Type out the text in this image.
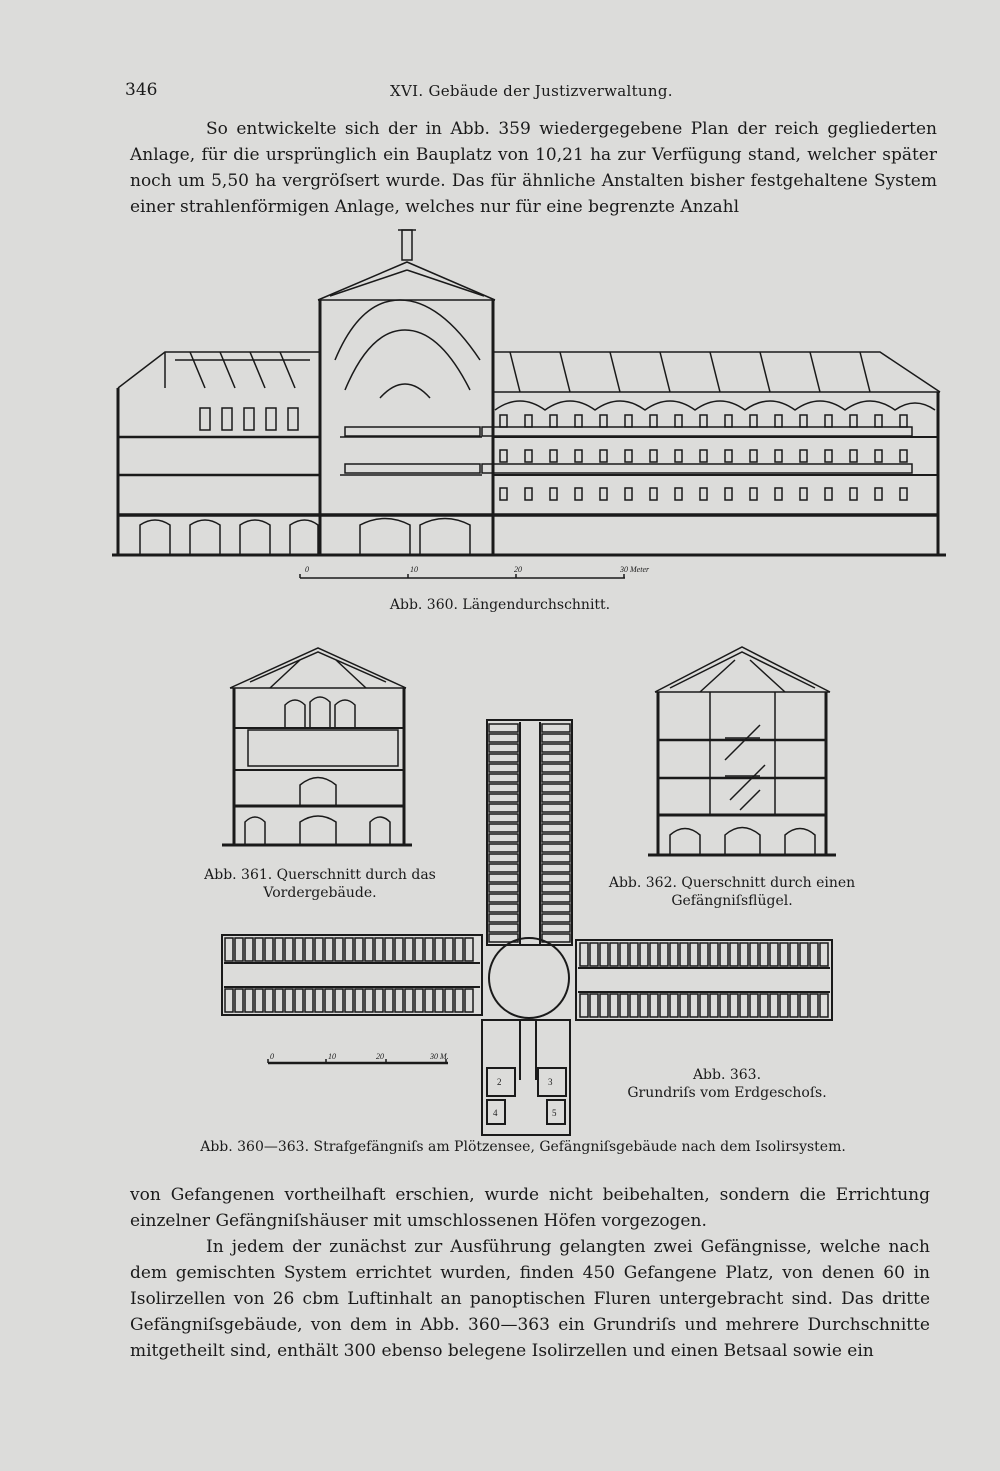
346	XVI. Gebäude der Justizverwaltung.
So entwickelte sich der in Abb. 359 wiedergegebene Plan der reich gegliederten Anlage, für die ursprünglich ein Bauplatz von 10,21 ha zur Verfügung stand, welcher später noch um 5,50 ha vergröſsert wurde. Das für ähnliche Anstalten bisher festgehaltene System einer strahlenförmigen Anlage, welches nur für eine begrenzte Anzahl
0	10	20	30 Meter
0	10	20	30 M.
2	3
4	5
Abb. 360. Längendurchschnitt.
Abb. 361. Querschnitt durch das
Vordergebäude.
Abb. 362. Querschnitt durch einen
Gefängniſsflügel.
Abb. 363.
Grundriſs vom Erdgeschoſs.
Abb. 360—363. Strafgefängniſs am Plötzensee, Gefängniſsgebäude nach dem Isolirsystem.
von Gefangenen vortheilhaft erschien, wurde nicht beibehalten, sondern die Errichtung einzelner Gefängniſshäuser mit umschlossenen Höfen vorgezogen.
In jedem der zunächst zur Ausführung gelangten zwei Gefängnisse, welche nach dem gemischten System errichtet wurden, finden 450 Gefangene Platz, von denen 60 in Isolirzellen von 26 cbm Luftinhalt an panoptischen Fluren untergebracht sind. Das dritte Gefängniſsgebäude, von dem in Abb. 360—363 ein Grundriſs und mehrere Durchschnitte mitgetheilt sind, enthält 300 ebenso belegene Isolirzellen und einen Betsaal sowie ein
